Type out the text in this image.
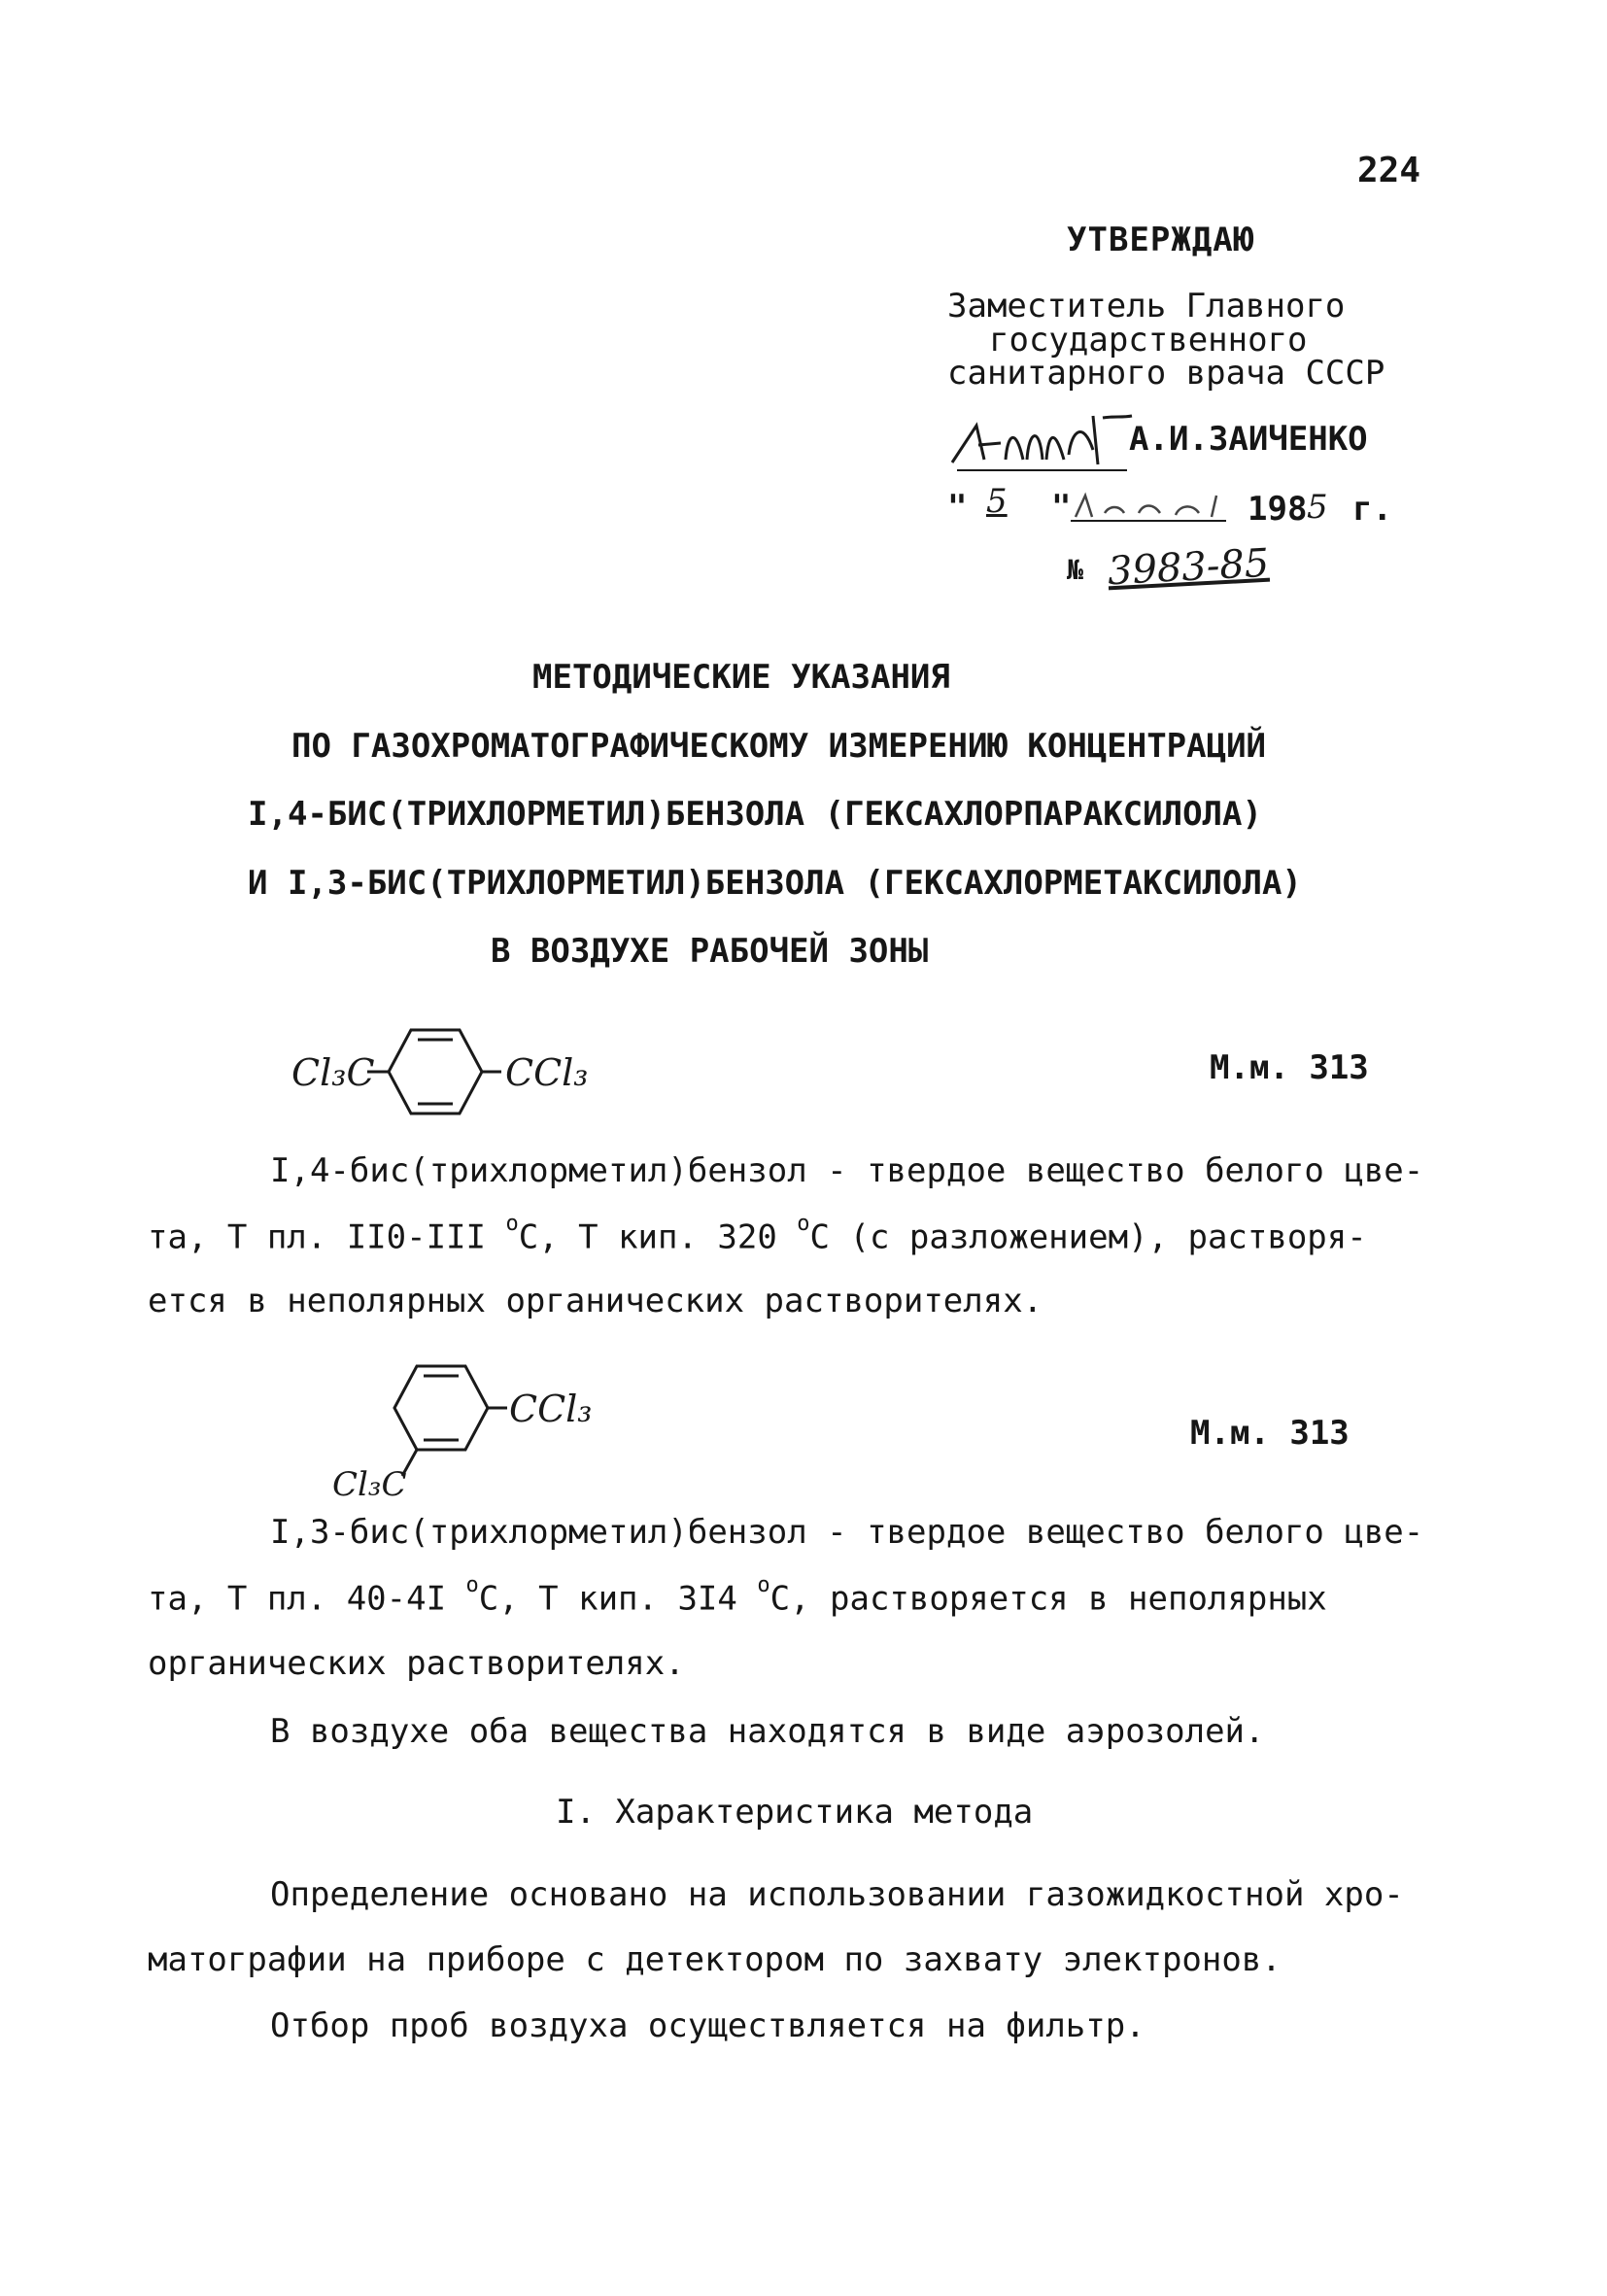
224
УТВЕРЖДАЮ
Заместитель Главного
государственного
санитарного врача СССР
А.И.ЗАИЧЕНКО
" 5 "	198 5 г.
№ 3983-85
МЕТОДИЧЕСКИЕ УКАЗАНИЯ
ПО ГАЗОХРОМАТОГРАФИЧЕСКОМУ ИЗМЕРЕНИЮ КОНЦЕНТРАЦИЙ
I,4-БИС(ТРИХЛОРМЕТИЛ)БЕНЗОЛА (ГЕКСАХЛОРПАРАКСИЛОЛА)
И I,3-БИС(ТРИХЛОРМЕТИЛ)БЕНЗОЛА (ГЕКСАХЛОРМЕТАКСИЛОЛА)
В ВОЗДУХЕ РАБОЧЕЙ ЗОНЫ
Cl₃C	CCl₃	М.м. 313
I,4-бис(трихлорметил)бензол - твердое вещество белого цве-
та, Т пл. II0-III $^о$С, Т кип. 320 $^о$С (с разложением), растворя-
ется в неполярных органических растворителях.
CCl₃
Cl₃C
М.м. 313
I,3-бис(трихлорметил)бензол - твердое вещество белого цве-
та, Т пл. 40-4I $^о$С, Т кип. 3I4 $^о$С, растворяется в неполярных
органических растворителях.
В воздухе оба вещества находятся в виде аэрозолей.
I. Характеристика метода
Определение основано на использовании газожидкостной хро-
матографии на приборе с детектором по захвату электронов.
Отбор проб воздуха осуществляется на фильтр.
